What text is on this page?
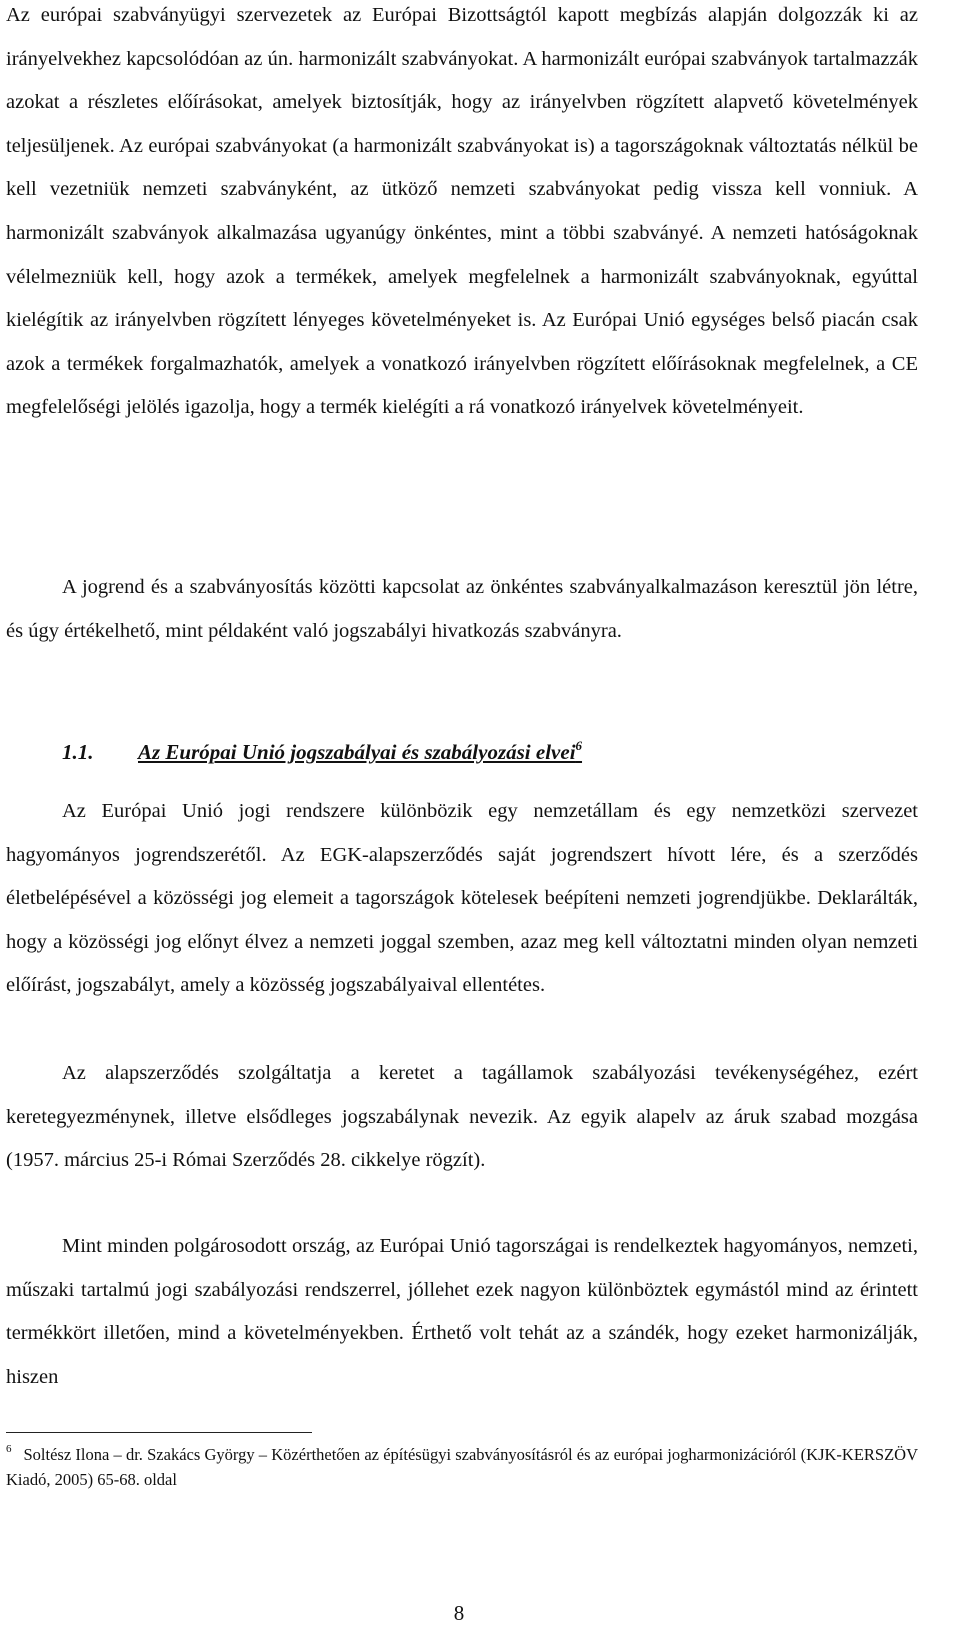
Az európai szabványügyi szervezetek az Európai Bizottságtól kapott megbízás alapján dolgozzák ki az irányelvekhez kapcsolódóan az ún. harmonizált szabványokat. A harmonizált európai szabványok tartalmazzák azokat a részletes előírásokat, amelyek biztosítják, hogy az irányelvben rögzített alapvető követelmények teljesüljenek. Az európai szabványokat (a harmonizált szabványokat is) a tagországoknak változtatás nélkül be kell vezetniük nemzeti szabványként, az ütköző nemzeti szabványokat pedig vissza kell vonniuk. A harmonizált szabványok alkalmazása ugyanúgy önkéntes, mint a többi szabványé. A nemzeti hatóságoknak vélelmezniük kell, hogy azok a termékek, amelyek megfelelnek a harmonizált szabványoknak, egyúttal kielégítik az irányelvben rögzített lényeges követelményeket is. Az Európai Unió egységes belső piacán csak azok a termékek forgalmazhatók, amelyek a vonatkozó irányelvben rögzített előírásoknak megfelelnek, a CE megfelelőségi jelölés igazolja, hogy a termék kielégíti a rá vonatkozó irányelvek követelményeit.

A jogrend és a szabványosítás közötti kapcsolat az önkéntes szabványalkalmazáson keresztül jön létre, és úgy értékelhető, mint példaként való jogszabályi hivatkozás szabványra.

1.1. Az Európai Unió jogszabályai és szabályozási elvei$^6$

Az Európai Unió jogi rendszere különbözik egy nemzetállam és egy nemzetközi szervezet hagyományos jogrendszerétől. Az EGK-alapszerződés saját jogrendszert hívott lére, és a szerződés életbelépésével a közösségi jog elemeit a tagországok kötelesek beépíteni nemzeti jogrendjükbe. Deklarálták, hogy a közösségi jog előnyt élvez a nemzeti joggal szemben, azaz meg kell változtatni minden olyan nemzeti előírást, jogszabályt, amely a közösség jogszabályaival ellentétes.

Az alapszerződés szolgáltatja a keretet a tagállamok szabályozási tevékenységéhez, ezért keretegyezménynek, illetve elsődleges jogszabálynak nevezik. Az egyik alapelv az áruk szabad mozgása (1957. március 25-i Római Szerződés 28. cikkelye rögzít).

Mint minden polgárosodott ország, az Európai Unió tagországai is rendelkeztek hagyományos, nemzeti, műszaki tartalmú jogi szabályozási rendszerrel, jóllehet ezek nagyon különböztek egymástól mind az érintett termékkört illetően, mind a követelményekben. Érthető volt tehát az a szándék, hogy ezeket harmonizálják, hiszen

$^6$ Soltész Ilona – dr. Szakács György – Közérthetően az építésügyi szabványosításról és az európai jogharmonizációról (KJK-KERSZÖV Kiadó, 2005) 65-68. oldal

8
